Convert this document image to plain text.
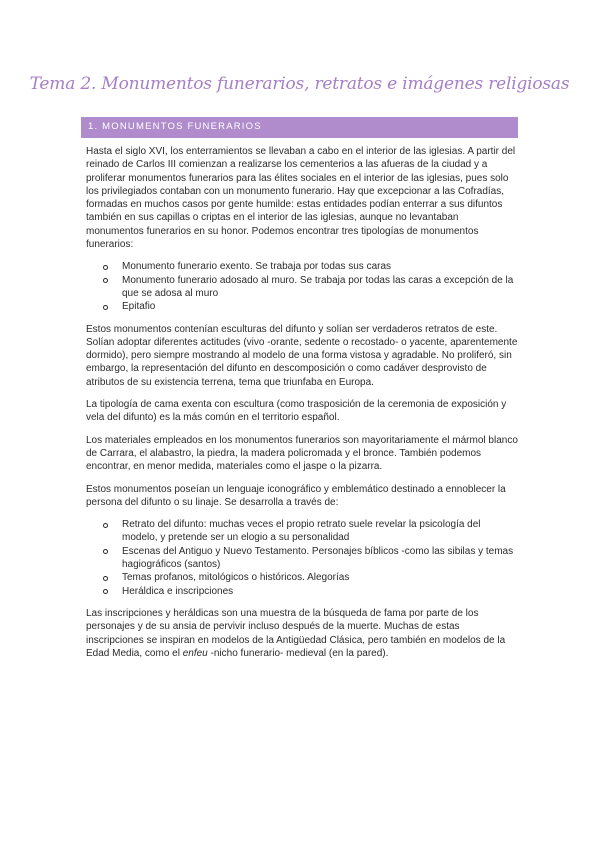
Tema 2. Monumentos funerarios, retratos e imágenes religiosas
1. MONUMENTOS FUNERARIOS

Hasta el siglo XVI, los enterramientos se llevaban a cabo en el interior de las iglesias. A partir del reinado de Carlos III comienzan a realizarse los cementerios a las afueras de la ciudad y a proliferar monumentos funerarios para las élites sociales en el interior de las iglesias, pues solo los privilegiados contaban con un monumento funerario. Hay que excepcionar a las Cofradías, formadas en muchos casos por gente humilde: estas entidades podían enterrar a sus difuntos también en sus capillas o criptas en el interior de las iglesias, aunque no levantaban monumentos funerarios en su honor. Podemos encontrar tres tipologías de monumentos funerarios:

Monumento funerario exento. Se trabaja por todas sus caras
Monumento funerario adosado al muro. Se trabaja por todas las caras a excepción de la que se adosa al muro
Epitafio

Estos monumentos contenían esculturas del difunto y solían ser verdaderos retratos de este. Solían adoptar diferentes actitudes (vivo -orante, sedente o recostado- o yacente, aparentemente dormido), pero siempre mostrando al modelo de una forma vistosa y agradable. No proliferó, sin embargo, la representación del difunto en descomposición o como cadáver desprovisto de atributos de su existencia terrena, tema que triunfaba en Europa.

La tipología de cama exenta con escultura (como trasposición de la ceremonia de exposición y vela del difunto) es la más común en el territorio español.

Los materiales empleados en los monumentos funerarios son mayoritariamente el mármol blanco de Carrara, el alabastro, la piedra, la madera policromada y el bronce. También podemos encontrar, en menor medida, materiales como el jaspe o la pizarra.

Estos monumentos poseían un lenguaje iconográfico y emblemático destinado a ennoblecer la persona del difunto o su linaje. Se desarrolla a través de:

Retrato del difunto: muchas veces el propio retrato suele revelar la psicología del modelo, y pretende ser un elogio a su personalidad
Escenas del Antiguo y Nuevo Testamento. Personajes bíblicos -como las sibilas y temas hagiográficos (santos)
Temas profanos, mitológicos o históricos. Alegorías
Heráldica e inscripciones

Las inscripciones y heráldicas son una muestra de la búsqueda de fama por parte de los personajes y de su ansia de pervivir incluso después de la muerte. Muchas de estas inscripciones se inspiran en modelos de la Antigüedad Clásica, pero también en modelos de la Edad Media, como el enfeu -nicho funerario- medieval (en la pared).
